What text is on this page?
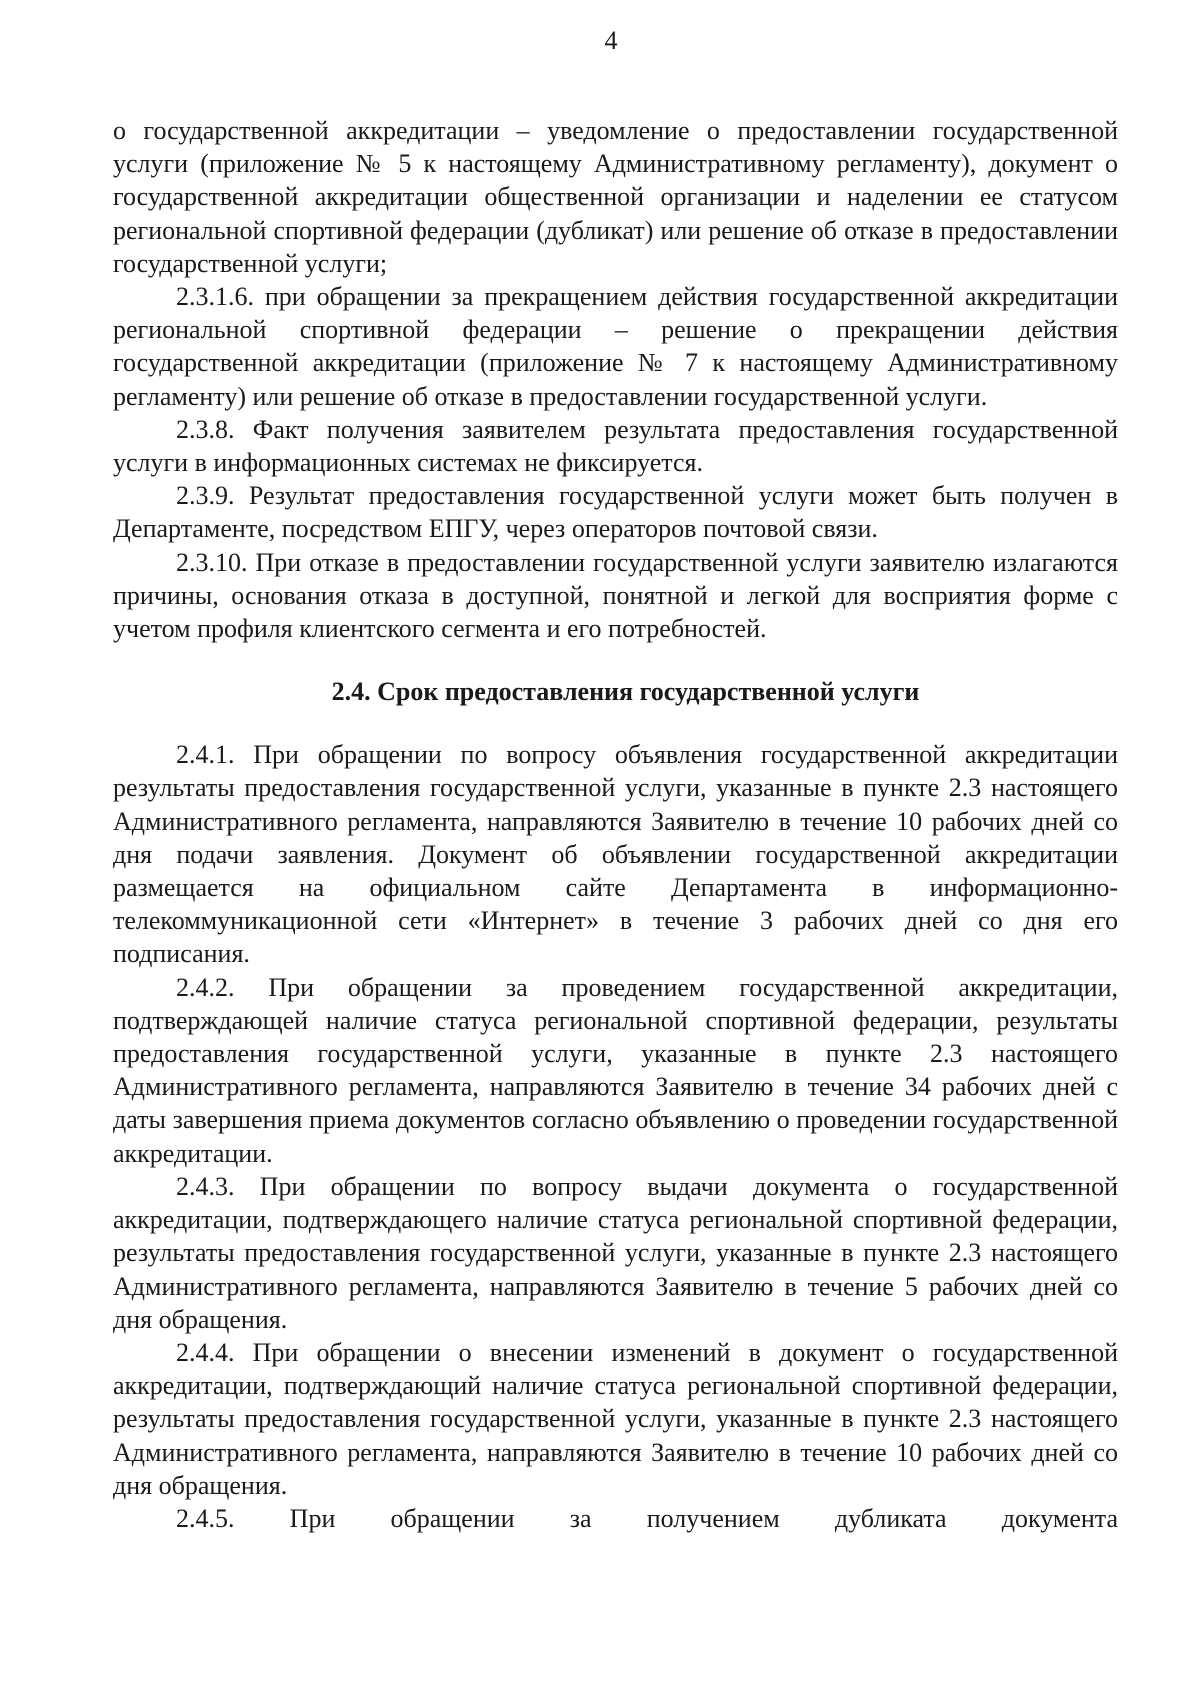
4

о государственной аккредитации – уведомление о предоставлении государственной услуги (приложение № 5 к настоящему Административному регламенту), документ о государственной аккредитации общественной организации и наделении ее статусом региональной спортивной федерации (дубликат) или решение об отказе в предоставлении государственной услуги;

2.3.1.6. при обращении за прекращением действия государственной аккредитации региональной спортивной федерации – решение о прекращении действия государственной аккредитации (приложение № 7 к настоящему Административному регламенту) или решение об отказе в предоставлении государственной услуги.

2.3.8. Факт получения заявителем результата предоставления государственной услуги в информационных системах не фиксируется.

2.3.9. Результат предоставления государственной услуги может быть получен в Департаменте, посредством ЕПГУ, через операторов почтовой связи.

2.3.10. При отказе в предоставлении государственной услуги заявителю излагаются причины, основания отказа в доступной, понятной и легкой для восприятия форме с учетом профиля клиентского сегмента и его потребностей.

2.4. Срок предоставления государственной услуги

2.4.1. При обращении по вопросу объявления государственной аккредитации результаты предоставления государственной услуги, указанные в пункте 2.3 настоящего Административного регламента, направляются Заявителю в течение 10 рабочих дней со дня подачи заявления. Документ об объявлении государственной аккредитации размещается на официальном сайте Департамента в информационно-телекоммуникационной сети «Интернет» в течение 3 рабочих дней со дня его подписания.

2.4.2. При обращении за проведением государственной аккредитации, подтверждающей наличие статуса региональной спортивной федерации, результаты предоставления государственной услуги, указанные в пункте 2.3 настоящего Административного регламента, направляются Заявителю в течение 34 рабочих дней с даты завершения приема документов согласно объявлению о проведении государственной аккредитации.

2.4.3. При обращении по вопросу выдачи документа о государственной аккредитации, подтверждающего наличие статуса региональной спортивной федерации, результаты предоставления государственной услуги, указанные в пункте 2.3 настоящего Административного регламента, направляются Заявителю в течение 5 рабочих дней со дня обращения.

2.4.4. При обращении о внесении изменений в документ о государственной аккредитации, подтверждающий наличие статуса региональной спортивной федерации, результаты предоставления государственной услуги, указанные в пункте 2.3 настоящего Административного регламента, направляются Заявителю в течение 10 рабочих дней со дня обращения.

2.4.5. При обращении за получением дубликата документа
